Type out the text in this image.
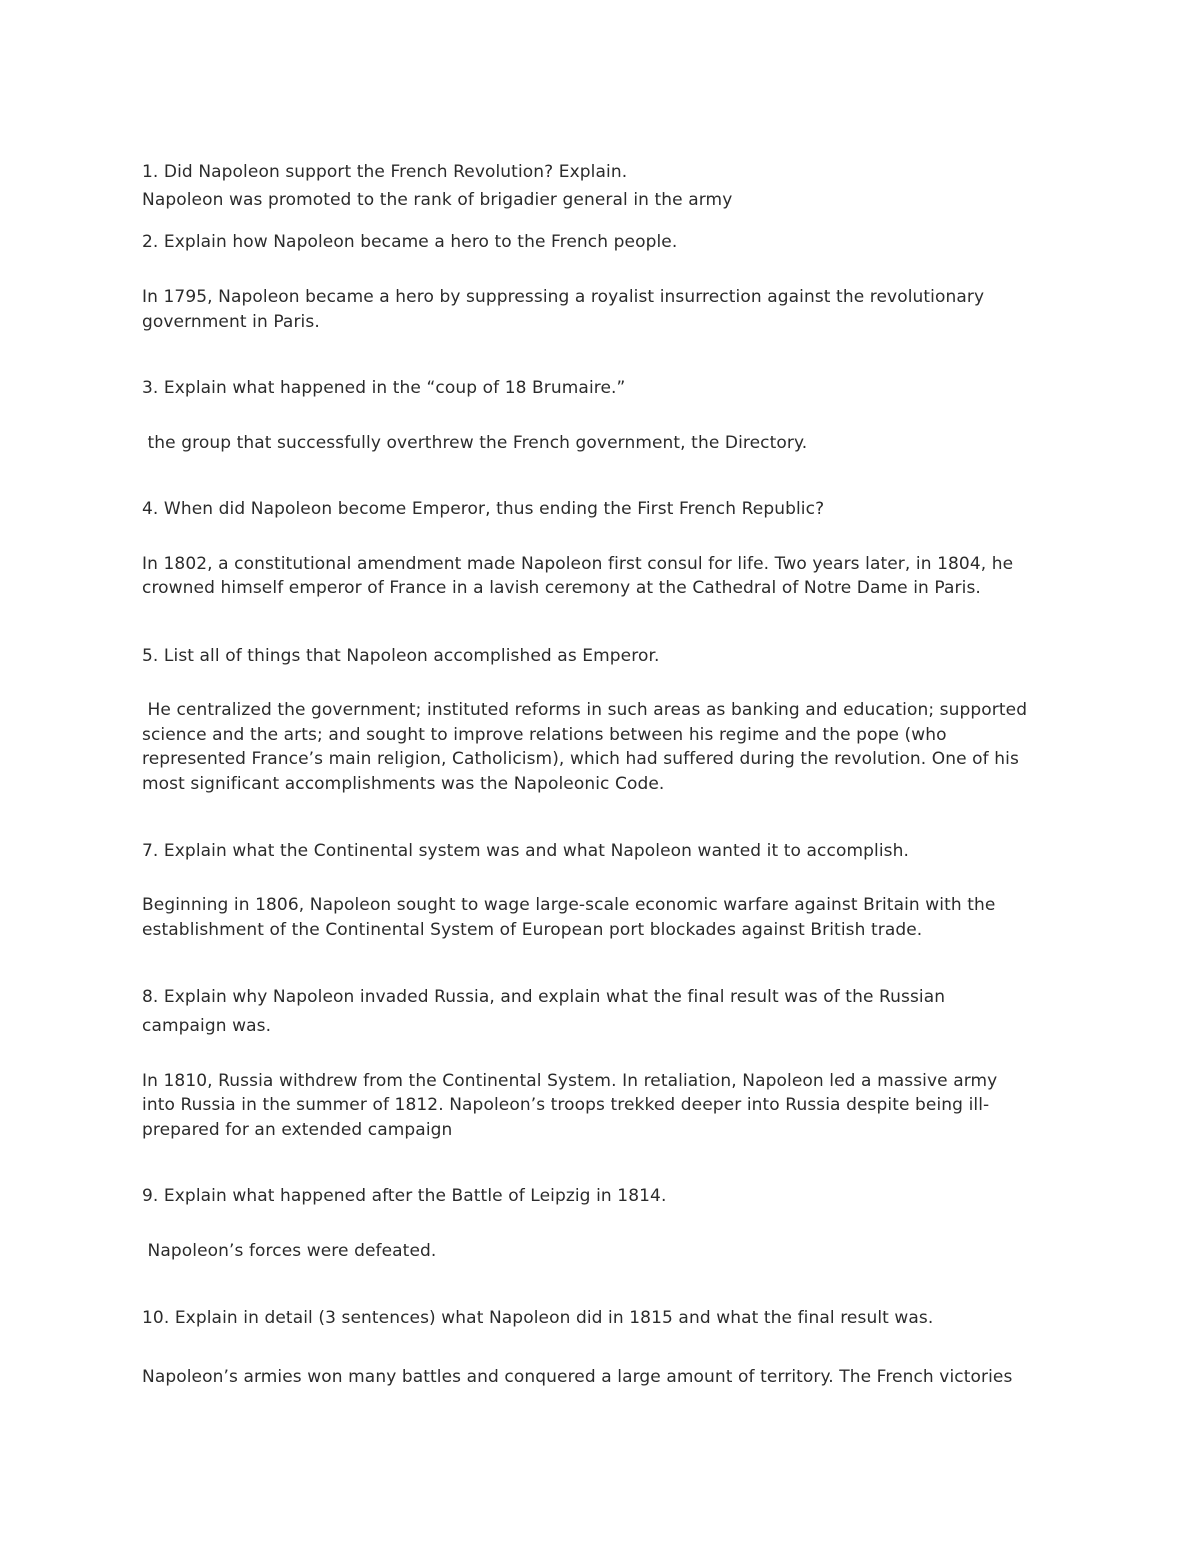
1. Did Napoleon support the French Revolution? Explain.
Napoleon was promoted to the rank of brigadier general in the army
2. Explain how Napoleon became a hero to the French people.
In 1795, Napoleon became a hero by suppressing a royalist insurrection against the revolutionary
government in Paris.
3. Explain what happened in the “coup of 18 Brumaire.”
the group that successfully overthrew the French government, the Directory.
4. When did Napoleon become Emperor, thus ending the First French Republic?
In 1802, a constitutional amendment made Napoleon first consul for life. Two years later, in 1804, he
crowned himself emperor of France in a lavish ceremony at the Cathedral of Notre Dame in Paris.
5. List all of things that Napoleon accomplished as Emperor.
He centralized the government; instituted reforms in such areas as banking and education; supported
science and the arts; and sought to improve relations between his regime and the pope (who
represented France’s main religion, Catholicism), which had suffered during the revolution. One of his
most significant accomplishments was the Napoleonic Code.
7. Explain what the Continental system was and what Napoleon wanted it to accomplish.
Beginning in 1806, Napoleon sought to wage large-scale economic warfare against Britain with the
establishment of the Continental System of European port blockades against British trade.
8. Explain why Napoleon invaded Russia, and explain what the final result was of the Russian
campaign was.
In 1810, Russia withdrew from the Continental System. In retaliation, Napoleon led a massive army
into Russia in the summer of 1812. Napoleon’s troops trekked deeper into Russia despite being ill-
prepared for an extended campaign
9. Explain what happened after the Battle of Leipzig in 1814.
Napoleon’s forces were defeated.
10. Explain in detail (3 sentences) what Napoleon did in 1815 and what the final result was.
Napoleon’s armies won many battles and conquered a large amount of territory. The French victories
